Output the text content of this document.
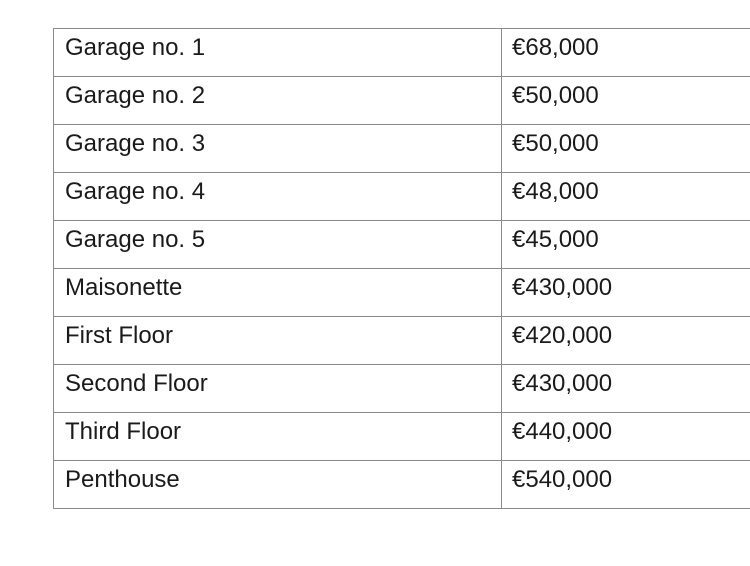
Garage no. 1	€68,000
Garage no. 2	€50,000
Garage no. 3	€50,000
Garage no. 4	€48,000
Garage no. 5	€45,000
Maisonette	€430,000
First Floor	€420,000
Second Floor	€430,000
Third Floor	€440,000
Penthouse	€540,000
